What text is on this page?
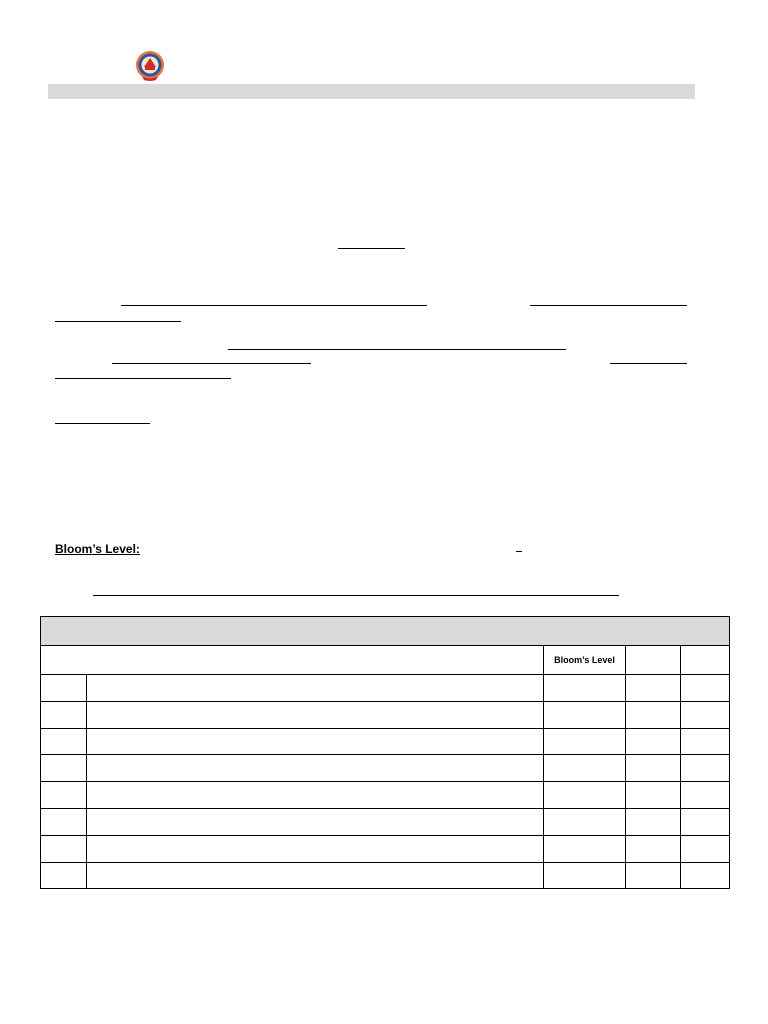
Bloom’s Level:

		Bloom’s Level		
